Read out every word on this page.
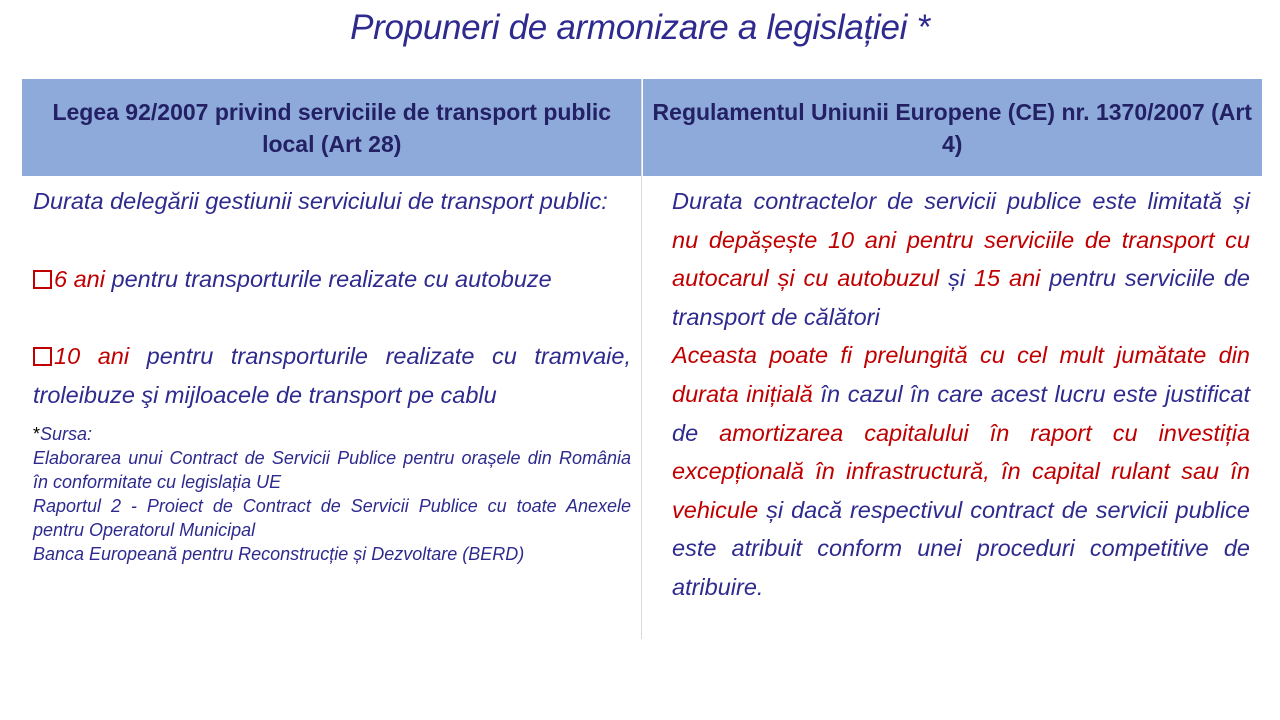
Propuneri de armonizare a legislației *
Legea 92/2007 privind serviciile de transport public local (Art 28)
Regulamentul Uniunii Europene (CE) nr. 1370/2007 (Art 4)
Durata delegării gestiunii serviciului de transport public:
6 ani pentru transporturile realizate cu autobuze
10 ani pentru transporturile realizate cu tramvaie, troleibuze şi mijloacele de transport pe cablu
*Sursa:
Elaborarea unui Contract de Servicii Publice pentru orașele din România în conformitate cu legislația UE
Raportul 2 - Proiect de Contract de Servicii Publice cu toate Anexele pentru Operatorul Municipal
Banca Europeană pentru Reconstrucție și Dezvoltare (BERD)
Durata contractelor de servicii publice este limitată și nu depășește 10 ani pentru serviciile de transport cu autocarul și cu autobuzul și 15 ani pentru serviciile de transport de călători
Aceasta poate fi prelungită cu cel mult jumătate din durata inițială în cazul în care acest lucru este justificat de amortizarea capitalului în raport cu investiția excepțională în infrastructură, în capital rulant sau în vehicule și dacă respectivul contract de servicii publice este atribuit conform unei proceduri competitive de atribuire.
